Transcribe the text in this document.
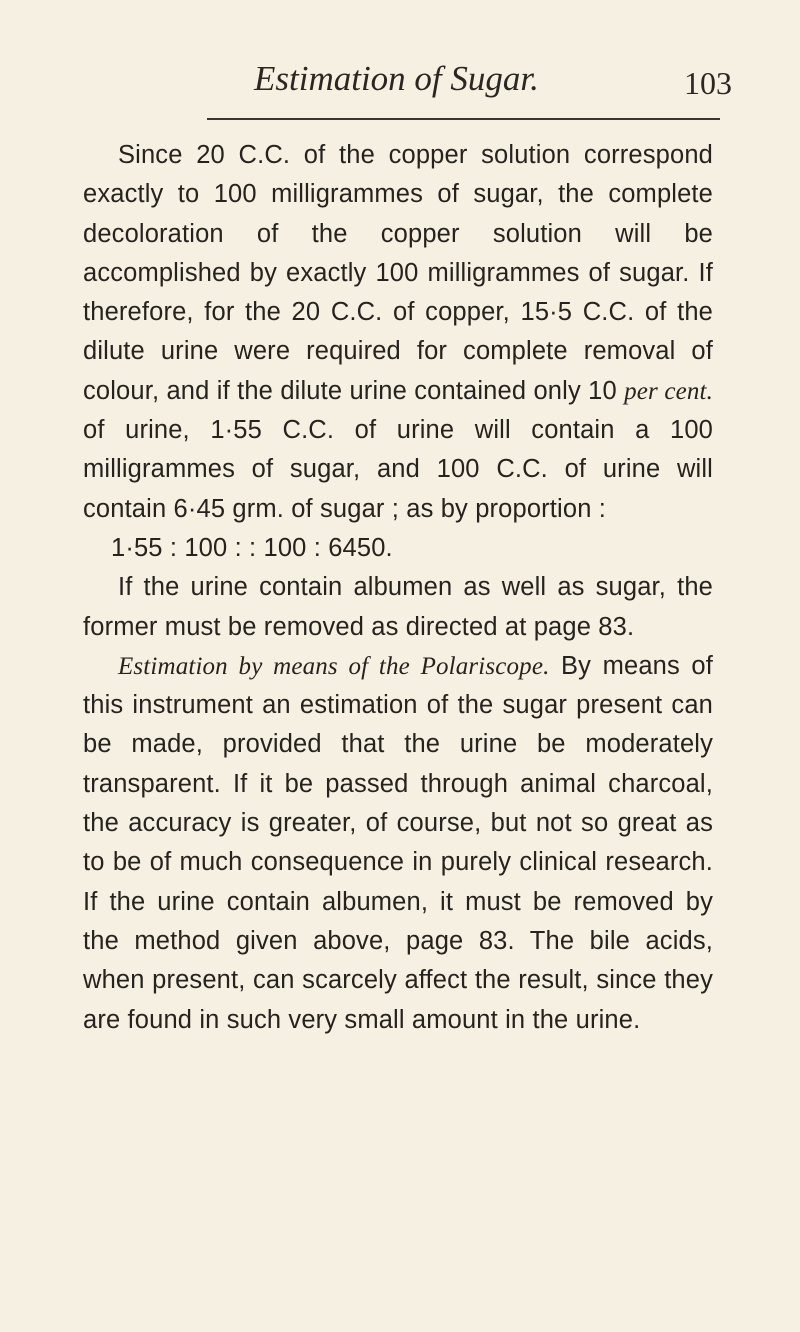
Estimation of Sugar.	103

Since 20 C.C. of the copper solution correspond exactly to 100 milligrammes of sugar, the complete decoloration of the copper solution will be accomplished by exactly 100 milligrammes of sugar. If therefore, for the 20 C.C. of copper, 15·5 C.C. of the dilute urine were required for complete removal of colour, and if the dilute urine contained only 10 per cent. of urine, 1·55 C.C. of urine will contain a 100 milligrammes of sugar, and 100 C.C. of urine will contain 6·45 grm. of sugar ; as by proportion :

1·55 : 100 : : 100 : 6450.

If the urine contain albumen as well as sugar, the former must be removed as directed at page 83.

Estimation by means of the Polariscope. By means of this instrument an estimation of the sugar present can be made, provided that the urine be moderately transparent. If it be passed through animal charcoal, the accuracy is greater, of course, but not so great as to be of much consequence in purely clinical research. If the urine contain albumen, it must be removed by the method given above, page 83. The bile acids, when present, can scarcely affect the result, since they are found in such very small amount in the urine.
